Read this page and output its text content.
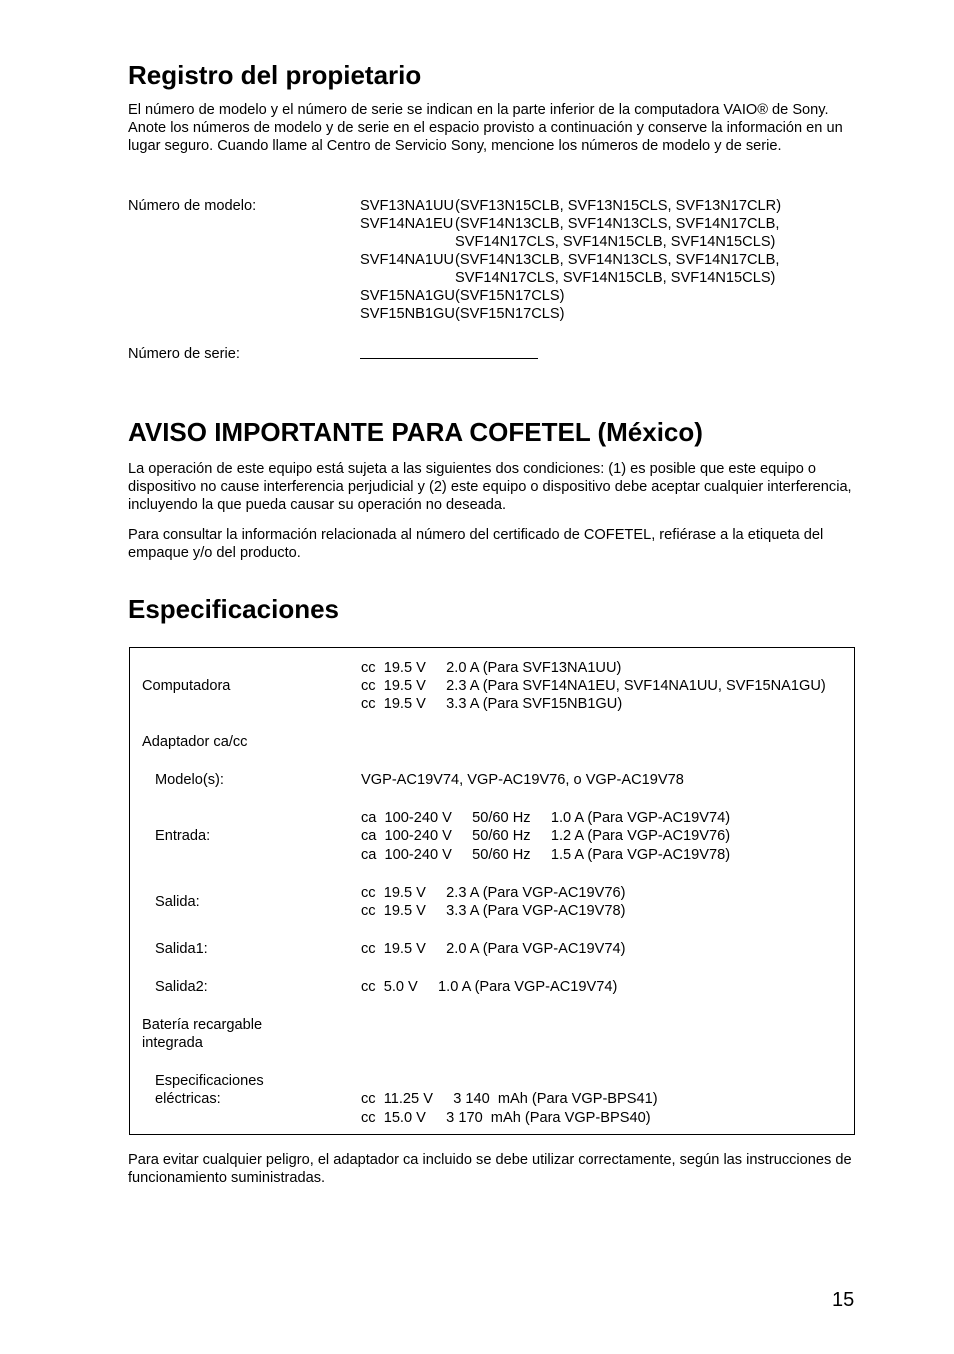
Registro del propietario

El número de modelo y el número de serie se indican en la parte inferior de la computadora VAIO® de Sony. Anote los números de modelo y de serie en el espacio provisto a continuación y conserve la información en un lugar seguro. Cuando llame al Centro de Servicio Sony, mencione los números de modelo y de serie.

Número de modelo:	SVF13NA1UU (SVF13N15CLB, SVF13N15CLS, SVF13N17CLR)
SVF14NA1EU (SVF14N13CLB, SVF14N13CLS, SVF14N17CLB,
SVF14N17CLS, SVF14N15CLB, SVF14N15CLS)
SVF14NA1UU (SVF14N13CLB, SVF14N13CLS, SVF14N17CLB,
SVF14N17CLS, SVF14N15CLB, SVF14N15CLS)
SVF15NA1GU (SVF15N17CLS)
SVF15NB1GU (SVF15N17CLS)
Número de serie:
AVISO IMPORTANTE PARA COFETEL (México)

La operación de este equipo está sujeta a las siguientes dos condiciones: (1) es posible que este equipo o dispositivo no cause interferencia perjudicial y (2) este equipo o dispositivo debe aceptar cualquier interferencia, incluyendo la que pueda causar su operación no deseada.

Para consultar la información relacionada al número del certificado de COFETEL, refiérase a la etiqueta del empaque y/o del producto.

Especificaciones
Computadora
cc  19.5 V     2.0 A (Para SVF13NA1UU)
cc  19.5 V     2.3 A (Para SVF14NA1EU, SVF14NA1UU, SVF15NA1GU)
cc  19.5 V     3.3 A (Para SVF15NB1GU)
Adaptador ca/cc
Modelo(s):	VGP-AC19V74, VGP-AC19V76, o VGP-AC19V78
Entrada:
ca  100-240 V     50/60 Hz     1.0 A (Para VGP-AC19V74)
ca  100-240 V     50/60 Hz     1.2 A (Para VGP-AC19V76)
ca  100-240 V     50/60 Hz     1.5 A (Para VGP-AC19V78)
Salida:
cc  19.5 V     2.3 A (Para VGP-AC19V76)
cc  19.5 V     3.3 A (Para VGP-AC19V78)
Salida1:	cc  19.5 V     2.0 A (Para VGP-AC19V74)
Salida2:	cc  5.0 V     1.0 A (Para VGP-AC19V74)
Batería recargable
integrada
Especificaciones
eléctricas:	cc  11.25 V     3 140  mAh (Para VGP-BPS41)
cc  15.0 V     3 170  mAh (Para VGP-BPS40)

Para evitar cualquier peligro, el adaptador ca incluido se debe utilizar correctamente, según las instrucciones de funcionamiento suministradas.

15
